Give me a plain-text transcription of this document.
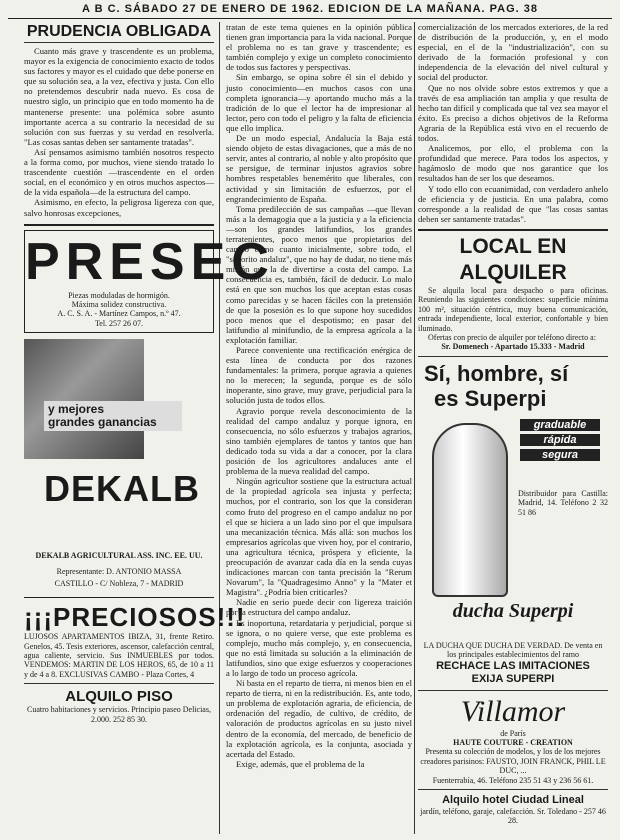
A B C. SÁBADO 27 DE ENERO DE 1962. EDICION DE LA MAÑANA. PAG. 38
PRUDENCIA OBLIGADA

Cuanto más grave y trascendente es un problema, mayor es la exigencia de conocimiento exacto de todos sus factores y mayor es el cuidado que debe ponerse en que su solución sea, a la vez, efectiva y justa. Con ello no pretendemos descubrir nada nuevo. Es cosa de nuestro siglo, un principio que en todo momento ha de mantenerse presente: una polémica sobre asunto importante acerca a su contrario la necesidad de su solución con sus fuerzas y su verdad en resolverla. "Las cosas santas deben ser santamente tratadas".

Así pensamos asimismo también nosotros respecto a la forma como, por muchos, viene siendo tratado lo trascendente cuestión —trascendente en el orden social, en el económico y en otros muchos aspectos— de la vida española—de la estructura del campo.

Asimismo, en efecto, la peligrosa ligereza con que, salvo honrosas excepciones,

PRESEC
Piezas moduladas de hormigón.
Máxima solidez constructiva.
A. C. S. A. - Martínez Campos, n.º 47.
Tel. 257 26 07.
y mejores
grandes ganancias
DEKALB
DEKALB AGRICULTURAL ASS. INC. EE. UU.
Representante: D. ANTONIO MASSA
CASTILLO - C/ Nobleza, 7 - MADRID
¡¡¡PRECIOSOS!!!

LUJOSOS APARTAMENTOS IBIZA, 31, frente Retiro. Genelos, 45. Tesis exteriores, ascensor, calefacción central, agua caliente, servicio. Sus INMUEBLES por todos. VENDEMOS: MARTIN DE LOS HEROS, 65, de 10 a 11 y de 4 a 8. EXCLUSIVAS CAMBO - Plaza Cortes, 4

ALQUILO PISO

Cuatro habitaciones y servicios. Principio paseo Delicias, 2.000. 252 85 30.

tratan de este tema quienes en la opinión pública tienen gran importancia para la vida nacional. Porque el problema no es tan grave y trascendente; es también complejo y exige un completo conocimiento de todos sus factores y perspectivas.

Sin embargo, se opina sobre él sin el debido y justo conocimiento—en muchos casos con una completa ignorancia—y aportando mucho más a la tradición de lo que el lector ha de impresionar al lector, pero con todo el peligro y la falta de eficiencia que ello implica.

De un modo especial, Andalucía la Baja está siendo objeto de estas divagaciones, que a más de no servir, antes al contrario, al noble y alto propósito que se persigue, de terminar injustos agravios sobre hombres respetables benemérito que liberales, con actividad y sin limitación de esfuerzos, por el engrandecimiento de España.

Toma predilección de sus campañas —que llevan más a la demagogia que a la justicia y a la eficiencia—son los grandes latifundios, los grandes terratenientes, poco menos que propietarios del campo como cuanto inicialmente, sobre todo, el "señorito andaluz", que no hay de dudar, no tiene más misión que la de divertirse a costa del campo. La consecuencia es, también, fácil de deducir. Lo malo está en que son muchos los que aceptan estas cosas como parecidas y se hacen fáciles con la pretensión de que la posesión es lo que supone hoy sucedidos poco menos que el despotismo; en pasar del latifundio al minifundio, de la empresa agrícola a la explotación familiar.

Parece conveniente una rectificación enérgica de esta línea de conducta por dos razones fundamentales: la primera, porque agravia a quienes no lo merecen; la segunda, porque es de sólo inoperante, sino grave, muy grave, perjudicial para la solución justa de todos ellos.

Agravio porque revela desconocimiento de la realidad del campo andaluz y porque ignora, en consecuencia, no sólo esfuerzos y trabajos agrarios, sino también ejemplares de tantos y tantos que han dedicado toda su vida a dar a conocer, por la clara posición de los agricultores andaluces ante el problema de la nueva realidad del campo.

Ningún agricultor sostiene que la estructura actual de la propiedad agrícola sea injusta y perfecta; muchos, por el contrario, son los que la consideran como fruto del progreso en el campo andaluz no por el que se hiciera a un lado sino por el que impulsara una mecanización técnica. Más allá: son muchos los empresarios agrícolas que viven hoy, por el contrario, una agricultura técnica, próspera y eficiente, la preocupación de avanzar cada día en la senda cuyas indicaciones marcan con tanta precisión la "Rerum Novarum", la "Quadragesimo Anno" y la "Mater et Magistra". ¿Podría bien criticarles?

Nadie en serio puede decir con ligereza traición por la estructura del campo andaluz.

Es inoportuna, retardataria y perjudicial, porque si se ignora, o no quiere verse, que este problema es complejo, mucho más complejo, y, en consecuencia, que no está limitada su solución a la eliminación de latifundios, sino que exige esfuerzos y cooperaciones a lo largo de todo un proceso agrícola.

Ni basta en el reparto de tierra, ni menos bien en el reparto de tierra, ni en la redistribución. Es, ante todo, un problema de explotación agraria, de eficiencia, de ordenación del regadío, de cultivo, de crédito, de valoración de productos agrícolas en su justo nivel dentro de la economía, del mercado, de beneficio de la explotación agrícola, es la conjunta, asociada y acertada del Estado.

Exige, además, que el problema de la

comercialización de los mercados exteriores, de la red de distribución de la producción, y, en el modo especial, en el de la "industrialización", con su derivado de la formación profesional y con independencia de la elevación del nivel cultural y social del productor.

Que no nos olvide sobre estos extremos y que a través de esa ampliación tan amplia y que resulta de hecho tan difícil y complicada que tal vez sea mayor el éxito. Es preciso a dichos objetivos de la Reforma Agraria de la República está vivo en el recuerdo de todos.

Analicemos, por ello, el problema con la profundidad que merece. Para todos los aspectos, y hagámoslo de modo que nos garantice que los resultados han de ser los que deseamos.

Y todo ello con ecuanimidad, con verdadero anhelo de eficiencia y de justicia. En una palabra, como corresponde a la realidad de que "las cosas santas deben ser santamente tratadas".

LOCAL EN ALQUILER

Se alquila local para despacho o para oficinas. Reuniendo las siguientes condiciones: superficie mínima 100 m², situación céntrica, muy buena comunicación, entrada independiente, local exterior, confortable y bien iluminado.

Ofertas con precio de alquiler por teléfono directo a:

Sr. Domenech - Apartado 15.333 - Madrid
Sí, hombre, sí
es Superpi
graduable
rápida
segura
Distribuidor para Castilla: Madrid, 14. Teléfono 2 32 51 86
ducha Superpi

LA DUCHA QUE DUCHA DE VERDAD. De venta en los principales establecimientos del ramo

RECHACE LAS IMITACIONES
EXIJA SUPERPI
Villamor
de París
HAUTE COUTURE - CREATION

Presenta su colección de modelos, y los de los mejores creadores parisinos: FAUSTO, JOIN FRANCK, PHIL LE DUC, ...

Fuenterrabía, 46. Teléfono 235 51 43 y 236 56 61.
Alquilo hotel Ciudad Lineal
jardín, teléfono, garaje, calefacción. Sr. Toledano - 257 46 28.
